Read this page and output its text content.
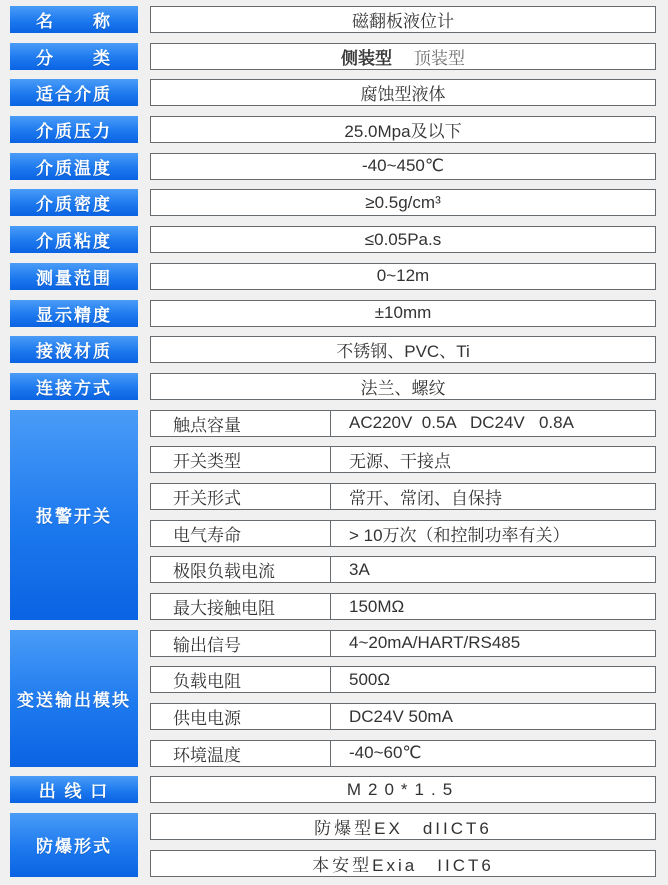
名　　称	磁翻板液位计
分　　类	侧装型 顶装型
适合介质	腐蚀型液体
介质压力	25.0Mpa及以下
介质温度	-40~450℃
介质密度	≥0.5g/cm³
介质粘度	≤0.05Pa.s
测量范围	0~12m
显示精度	±10mm
接液材质	不锈钢、PVC、Ti
连接方式	法兰、螺纹
报警开关
触点容量	AC220V  0.5A   DC24V   0.8A
开关类型	无源、干接点
开关形式	常开、常闭、自保持
电气寿命	> 10万次（和控制功率有关）
极限负载电流	3A
最大接触电阻	150MΩ
变送输出模块
输出信号	4~20mA/HART/RS485
负载电阻	500Ω
供电电源	DC24V 50mA
环境温度	-40~60℃
出 线 口	M20*1.5
防爆形式
防爆型EX　dIICT6
本安型Exia　IICT6
